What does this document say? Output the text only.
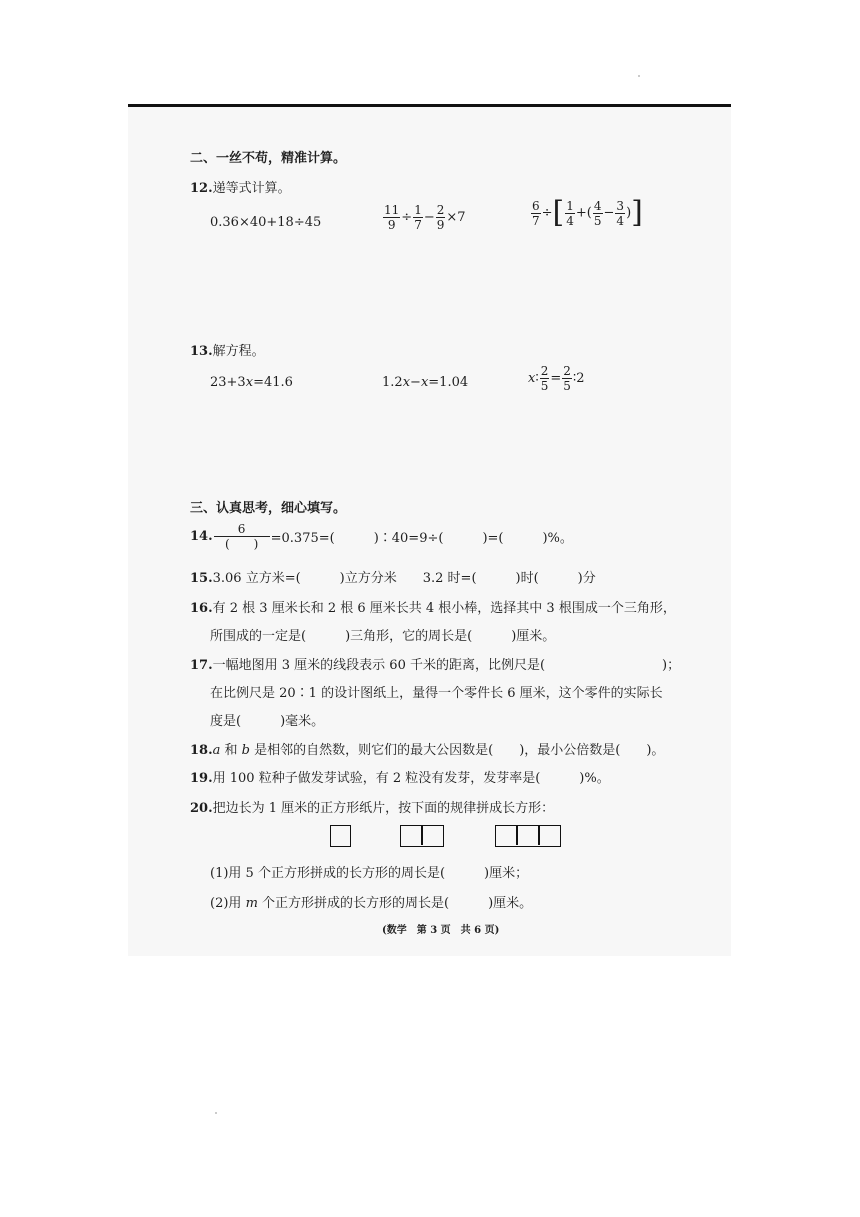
二、一丝不苟，精准计算。
12.递等式计算。
0.36×40+18÷45	$\frac{11}{9} \div \frac{1}{7} - \frac{2}{9} \times 7$	$\frac{6}{7}$ ÷[ $\frac{1}{4}$ +( $\frac{4}{5} - \frac{3}{4}$ )]
13.解方程。
23+3x=41.6	1.2x−x=1.04	x∶ $\frac{2}{5} = \frac{2}{5}$ ∶2
三、认真思考，细心填写。
14. $\frac{6}{( )} =0.375=$(　　　)∶40=9÷(　　　)=(　　　)%。
15.3.06 立方米=(　　　)立方分米　　3.2 时=(　　　)时(　　　)分
16.有 2 根 3 厘米长和 2 根 6 厘米长共 4 根小棒，选择其中 3 根围成一个三角形，
所围成的一定是(　　　)三角形，它的周长是(　　　)厘米。
17.一幅地图用 3 厘米的线段表示 60 千米的距离，比例尺是(　　　　　　　　　)；
在比例尺是 20∶1 的设计图纸上，量得一个零件长 6 厘米，这个零件的实际长
度是(　　　)毫米。
18.a 和 b 是相邻的自然数，则它们的最大公因数是(　　)，最小公倍数是(　　)。
19.用 100 粒种子做发芽试验，有 2 粒没有发芽，发芽率是(　　　)%。
20.把边长为 1 厘米的正方形纸片，按下面的规律拼成长方形：
(1)用 5 个正方形拼成的长方形的周长是(　　　)厘米；
(2)用 m 个正方形拼成的长方形的周长是(　　　)厘米。
(数学　第 3 页　共 6 页)
